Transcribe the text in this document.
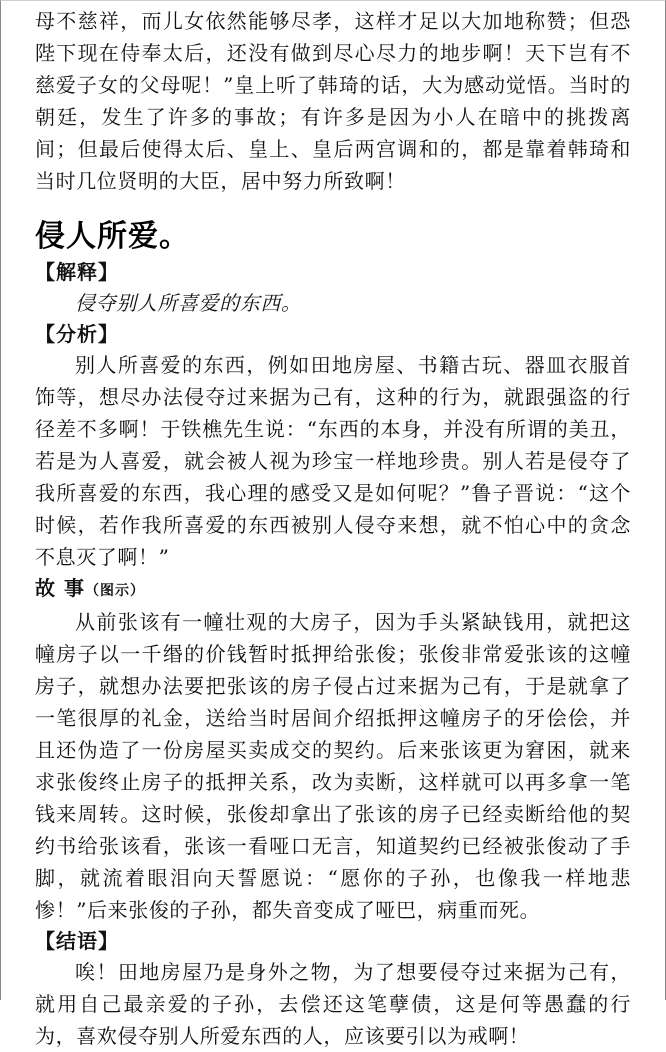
母不慈祥，而儿女依然能够尽孝，这样才足以大加地称赞；但恐陛下现在侍奉太后，还没有做到尽心尽力的地步啊！天下岂有不慈爱子女的父母呢！”皇上听了韩琦的话，大为感动觉悟。当时的朝廷，发生了许多的事故；有许多是因为小人在暗中的挑拨离间；但最后使得太后、皇上、皇后两宫调和的，都是靠着韩琦和当时几位贤明的大臣，居中努力所致啊！

侵人所爱。
【解释】

侵夺别人所喜爱的东西。

【分析】

别人所喜爱的东西，例如田地房屋、书籍古玩、器皿衣服首饰等，想尽办法侵夺过来据为己有，这种的行为，就跟强盗的行径差不多啊！于铁樵先生说：“东西的本身，并没有所谓的美丑，若是为人喜爱，就会被人视为珍宝一样地珍贵。别人若是侵夺了我所喜爱的东西，我心理的感受又是如何呢？”鲁子晋说：“这个时候，若作我所喜爱的东西被别人侵夺来想，就不怕心中的贪念不息灭了啊！”

故 事（图示）

从前张该有一幢壮观的大房子，因为手头紧缺钱用，就把这幢房子以一千缗的价钱暂时抵押给张俊；张俊非常爱张该的这幢房子，就想办法要把张该的房子侵占过来据为己有，于是就拿了一笔很厚的礼金，送给当时居间介绍抵押这幢房子的牙侩侩，并且还伪造了一份房屋买卖成交的契约。后来张该更为窘困，就来求张俊终止房子的抵押关系，改为卖断，这样就可以再多拿一笔钱来周转。这时候，张俊却拿出了张该的房子已经卖断给他的契约书给张该看，张该一看哑口无言，知道契约已经被张俊动了手脚，就流着眼泪向天誓愿说：“愿你的子孙，也像我一样地悲惨！”后来张俊的子孙，都失音变成了哑巴，病重而死。

【结语】

唉！田地房屋乃是身外之物，为了想要侵夺过来据为己有，就用自己最亲爱的子孙，去偿还这笔孽债，这是何等愚蠢的行为，喜欢侵夺别人所爱东西的人，应该要引以为戒啊！
